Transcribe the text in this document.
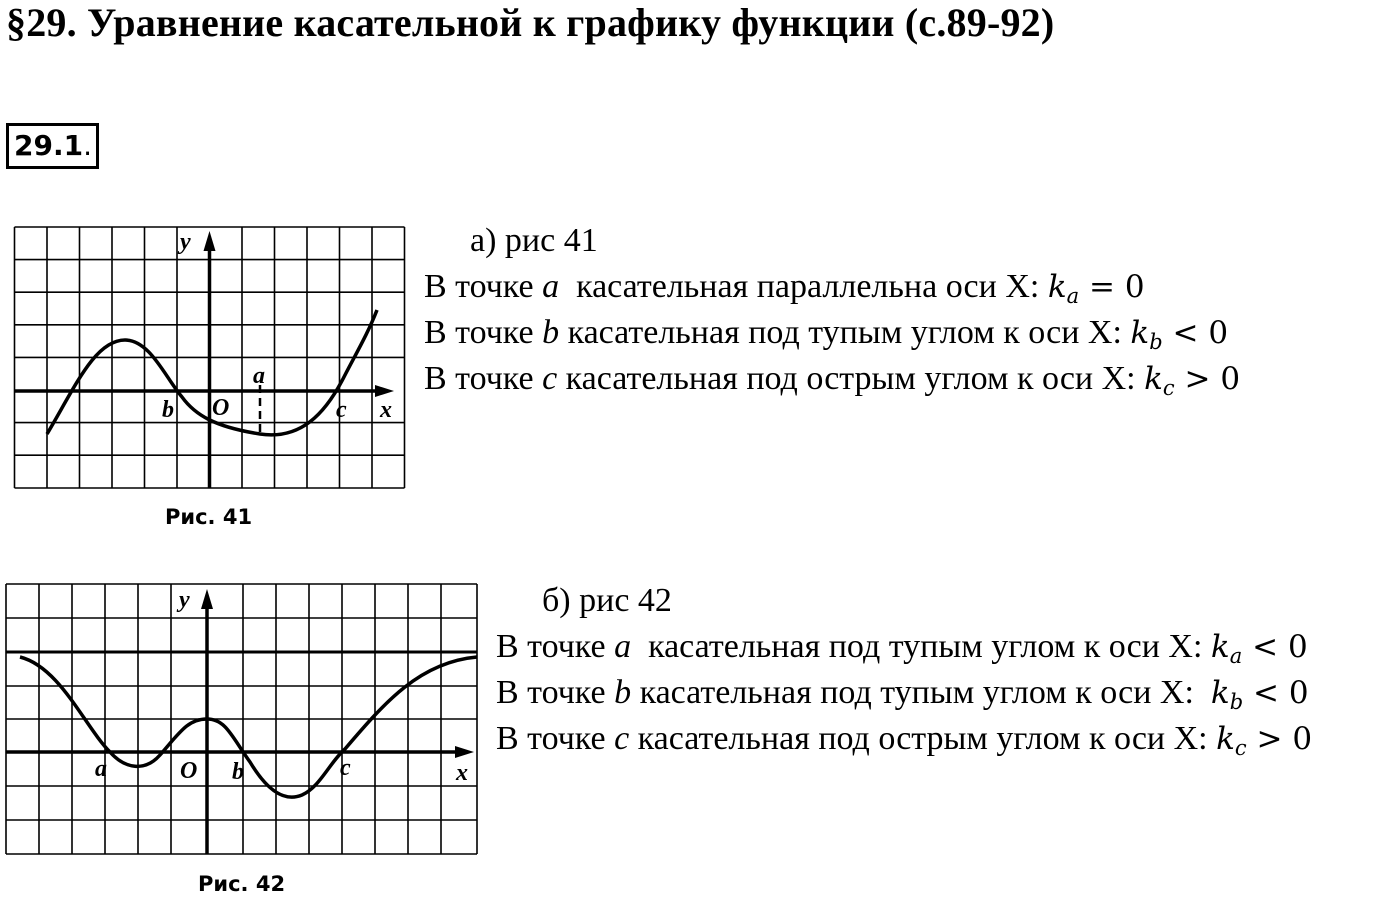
§29. Уравнение касательной к графику функции (с.89-92)
29.1.
y
x
O
a
b	c
Рис. 41
y
x
O
a	b	c
Рис. 42
а) рис 41
В точке a касательная параллельна оси Х: $k_a = 0$
В точке b касательная под тупым углом к оси Х: $k_b < 0$
В точке c касательная под острым углом к оси Х: $k_c > 0$
б) рис 42
В точке a касательная под тупым углом к оси Х: $k_a < 0$
В точке b касательная под тупым углом к оси Х: $k_b < 0$
В точке c касательная под острым углом к оси Х: $k_c > 0$
